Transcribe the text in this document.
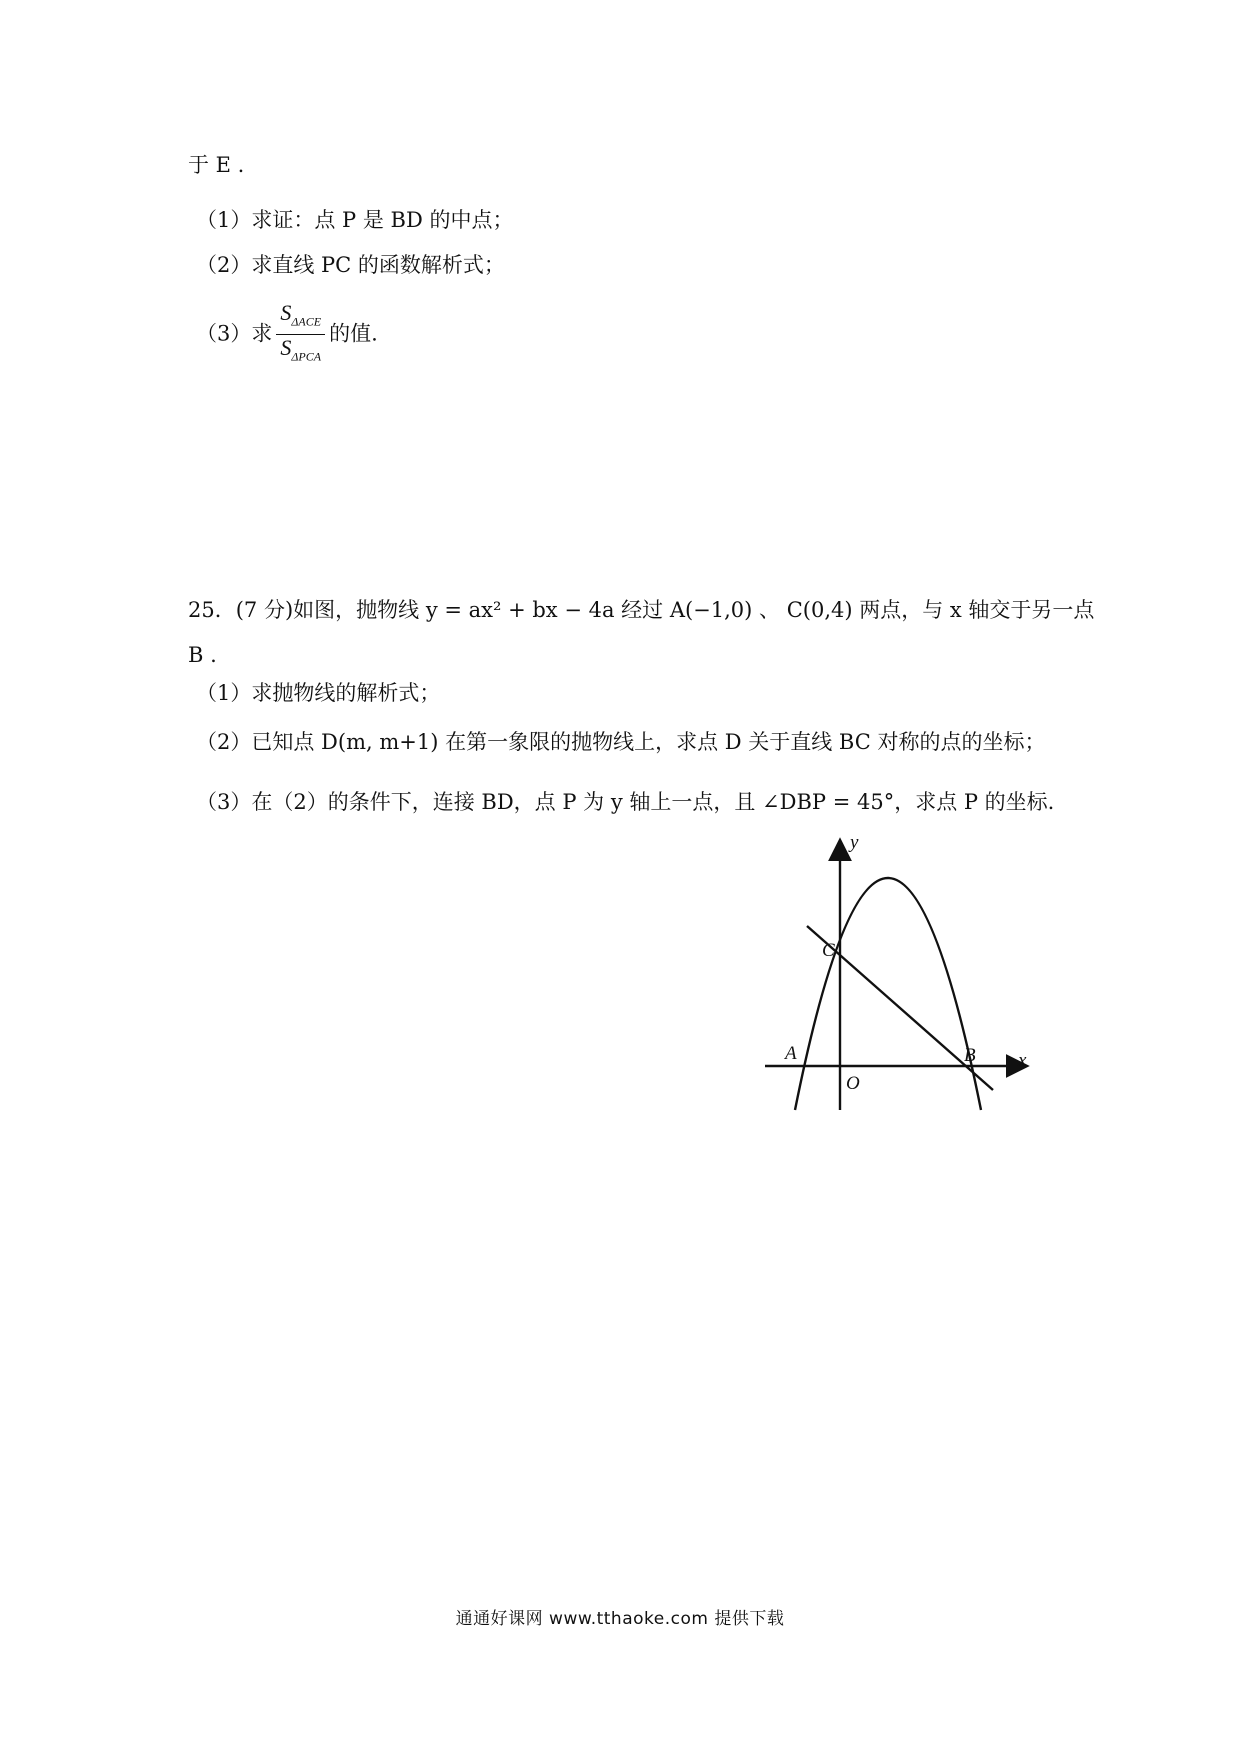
于 E .
（1）求证：点 P 是 BD 的中点；
（2）求直线 PC 的函数解析式；
（3）求 $\frac{S_{\Delta ACE}}{S_{\Delta PCA}}$ 的值.
25．(7 分)如图，抛物线 y = ax² + bx − 4a 经过 A(−1,0) 、 C(0,4) 两点，与 x 轴交于另一点
B .
（1）求抛物线的解析式；
（2）已知点 D(m, m+1) 在第一象限的抛物线上，求点 D 关于直线 BC 对称的点的坐标；
（3）在（2）的条件下，连接 BD，点 P 为 y 轴上一点，且 ∠DBP = 45°，求点 P 的坐标.
y
x
C
A	B
O
通通好课网 www.tthaoke.com 提供下载
